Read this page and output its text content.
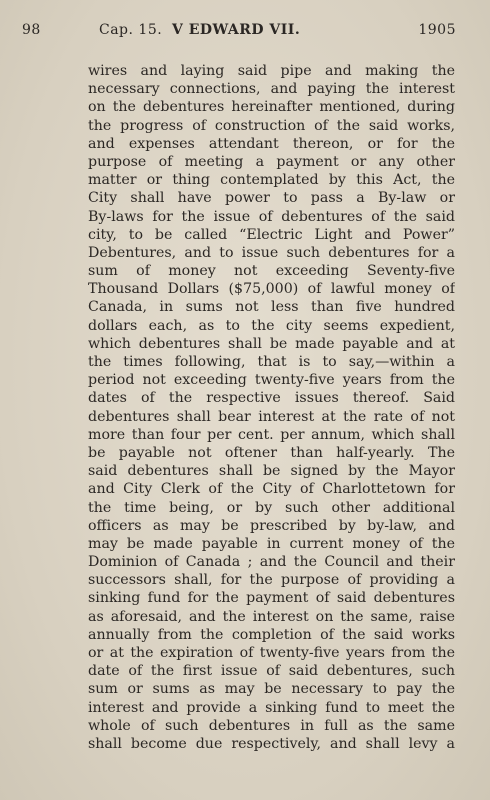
98	Cap. 15. V EDWARD VII.	1905
wires and laying said pipe and making the
necessary connections, and paying the interest
on the debentures hereinafter mentioned, during
the progress of construction of the said works,
and expenses attendant thereon, or for the
purpose of meeting a payment or any other
matter or thing contemplated by this Act, the
City shall have power to pass a By-law or
By-laws for the issue of debentures of the said
city, to be called “Electric Light and Power”
Debentures, and to issue such debentures for a
sum of money not exceeding Seventy-five
Thousand Dollars ($75,000) of lawful money of
Canada, in sums not less than five hundred
dollars each, as to the city seems expedient,
which debentures shall be made payable and at
the times following, that is to say,—within a
period not exceeding twenty-five years from the
dates of the respective issues thereof. Said
debentures shall bear interest at the rate of not
more than four per cent. per annum, which shall
be payable not oftener than half-yearly. The
said debentures shall be signed by the Mayor
and City Clerk of the City of Charlottetown for
the time being, or by such other additional
officers as may be prescribed by by-law, and
may be made payable in current money of the
Dominion of Canada ; and the Council and their
successors shall, for the purpose of providing a
sinking fund for the payment of said debentures
as aforesaid, and the interest on the same, raise
annually from the completion of the said works
or at the expiration of twenty-five years from the
date of the first issue of said debentures, such
sum or sums as may be necessary to pay the
interest and provide a sinking fund to meet the
whole of such debentures in full as the same
shall become due respectively, and shall levy a
